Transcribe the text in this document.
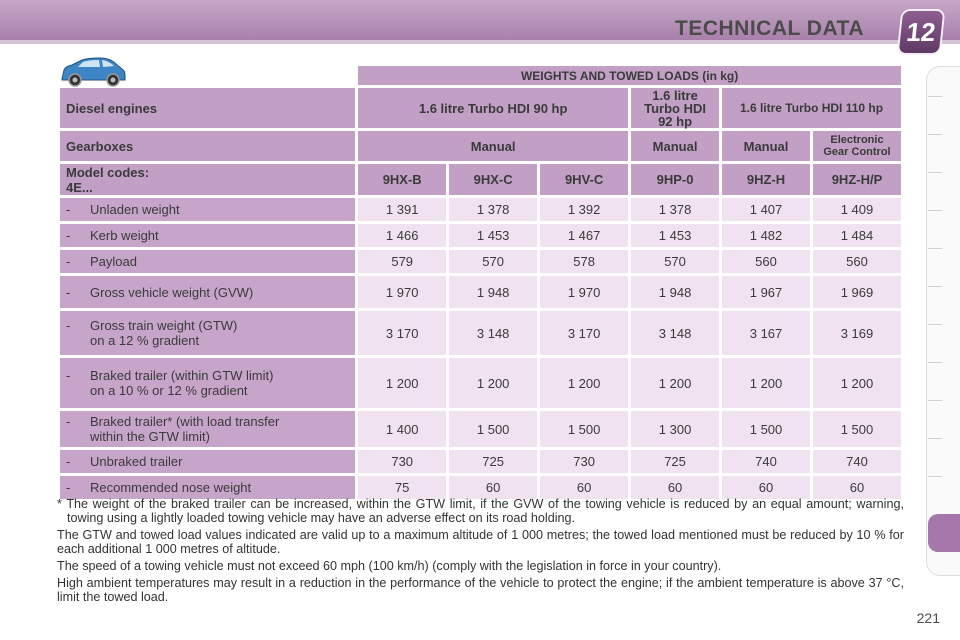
TECHNICAL DATA 12
	WEIGHTS AND TOWED LOADS (in kg)					
Diesel engines	1.6 litre Turbo HDI 90 hp			1.6 litre
Turbo HDI
92 hp	1.6 litre Turbo HDI 110 hp	
Gearboxes	Manual			Manual	Manual	Electronic
Gear Control
Model codes:
4E...	9HX-B	9HX-C	9HV-C	9HP-0	9HZ-H	9HZ-H/P
- Unladen weight	1 391	1 378	1 392	1 378	1 407	1 409
- Kerb weight	1 466	1 453	1 467	1 453	1 482	1 484
- Payload	579	570	578	570	560	560
- Gross vehicle weight (GVW)	1 970	1 948	1 970	1 948	1 967	1 969
- Gross train weight (GTW)
on a 12 % gradient	3 170	3 148	3 170	3 148	3 167	3 169
- Braked trailer (within GTW limit)
on a 10 % or 12 % gradient	1 200	1 200	1 200	1 200	1 200	1 200
- Braked trailer* (with load transfer
within the GTW limit)	1 400	1 500	1 500	1 300	1 500	1 500
- Unbraked trailer	730	725	730	725	740	740
- Recommended nose weight	75	60	60	60	60	60

* The weight of the braked trailer can be increased, within the GTW limit, if the GVW of the towing vehicle is reduced by an equal amount; warning, towing using a lightly loaded towing vehicle may have an adverse effect on its road holding.

The GTW and towed load values indicated are valid up to a maximum altitude of 1 000 metres; the towed load mentioned must be reduced by 10 % for each additional 1 000 metres of altitude.

The speed of a towing vehicle must not exceed 60 mph (100 km/h) (comply with the legislation in force in your country).

High ambient temperatures may result in a reduction in the performance of the vehicle to protect the engine; if the ambient temperature is above 37 °C, limit the towed load.

221
